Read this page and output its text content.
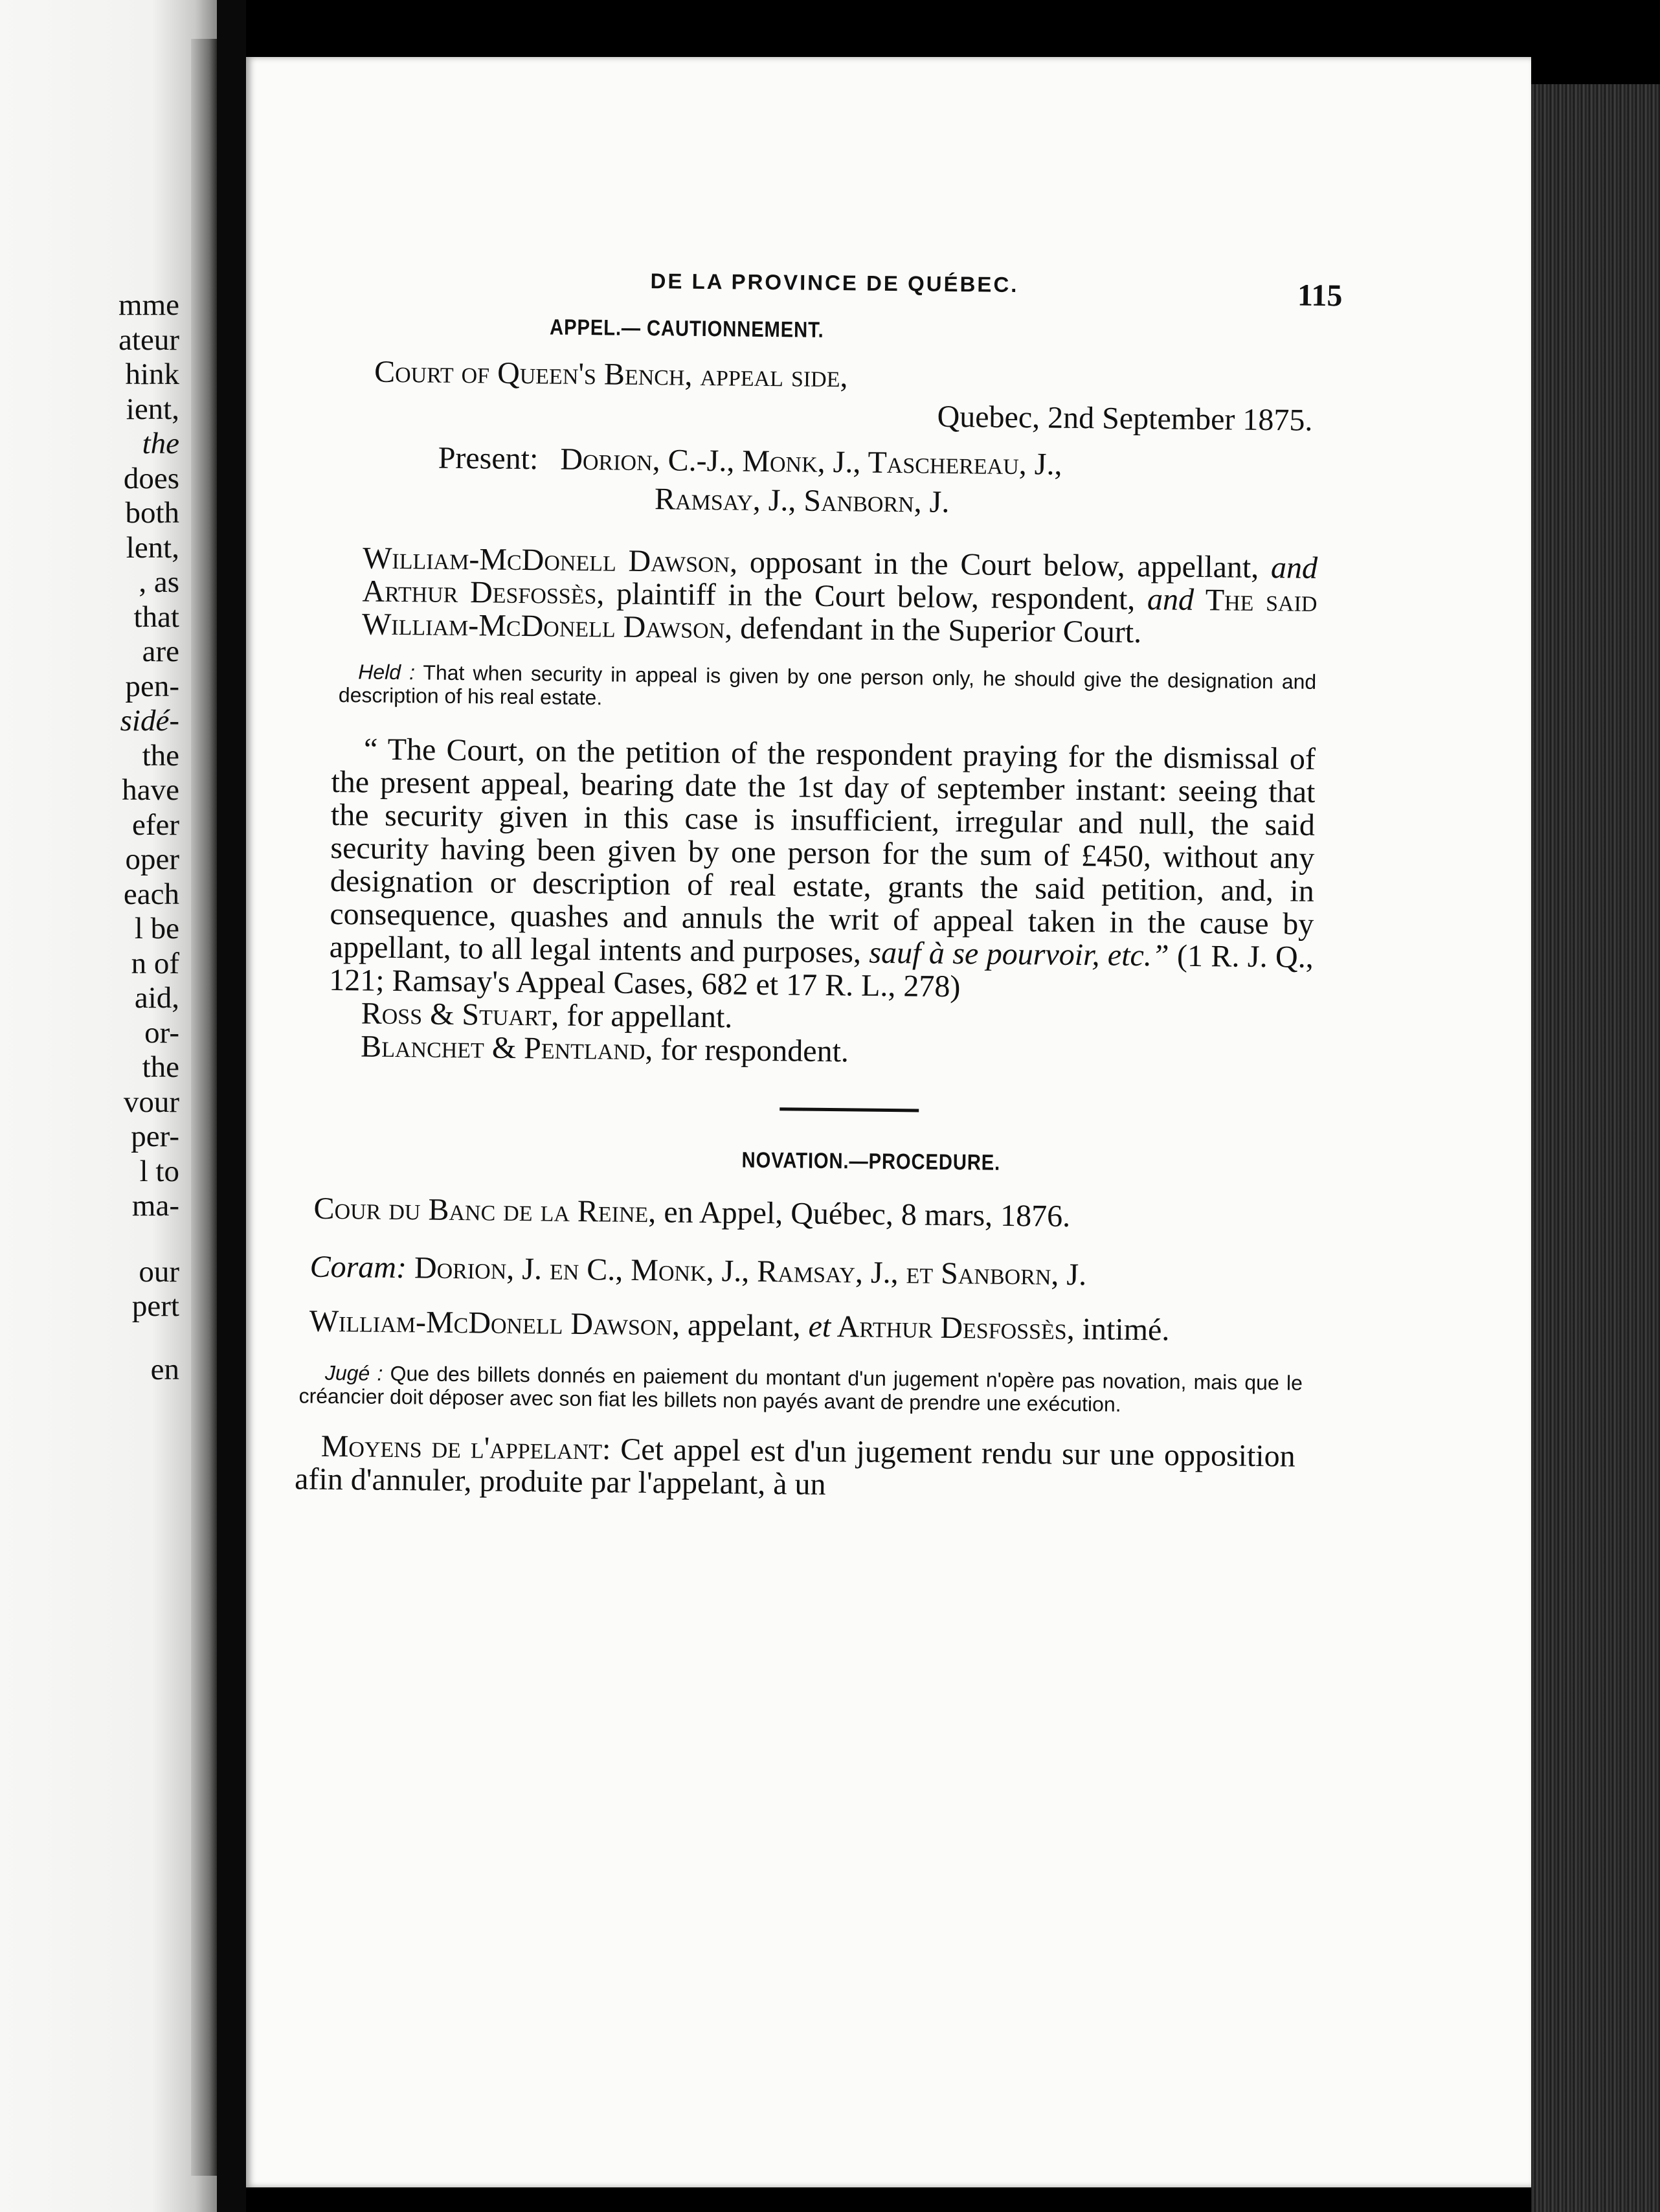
mme
ateur
hink
ient,
the
does
both
lent,
, as
that
are
pen-
sidé-
the
have
efer
oper
each
l be
n of
aid,
or-
the
vour
per-
l to
ma-
our
pert
en
DE LA PROVINCE DE QUÉBEC.	115
APPEL.— CAUTIONNEMENT.
Court of Queen's Bench, appeal side,
Quebec, 2nd September 1875.
Present: Dorion, C.-J., Monk, J., Taschereau, J.,
Ramsay, J., Sanborn, J.
William-McDonell Dawson, opposant in the Court below, appellant, and Arthur Desfossès, plaintiff in the Court below, respondent, and The said William-McDonell Dawson, defendant in the Superior Court.
Held : That when security in appeal is given by one person only, he should give the designation and description of his real estate.
“ The Court, on the petition of the respondent praying for the dismissal of the present appeal, bearing date the 1st day of september instant: seeing that the security given in this case is insufficient, irregular and null, the said security having been given by one person for the sum of £450, without any designation or description of real estate, grants the said petition, and, in consequence, quashes and annuls the writ of appeal taken in the cause by appellant, to all legal intents and purposes, sauf à se pourvoir, etc.” (1 R. J. Q., 121; Ramsay's Appeal Cases, 682 et 17 R. L., 278)
Ross & Stuart, for appellant.
Blanchet & Pentland, for respondent.
NOVATION.—PROCEDURE.
Cour du Banc de la Reine, en Appel, Québec, 8 mars, 1876.
Coram: Dorion, J. en C., Monk, J., Ramsay, J., et Sanborn, J.
William-McDonell Dawson, appelant, et Arthur Desfossès, intimé.
Jugé : Que des billets donnés en paiement du montant d'un jugement n'opère pas novation, mais que le créancier doit déposer avec son fiat les billets non payés avant de prendre une exécution.
Moyens de l'appelant: Cet appel est d'un jugement rendu sur une opposition afin d'annuler, produite par l'appelant, à un
